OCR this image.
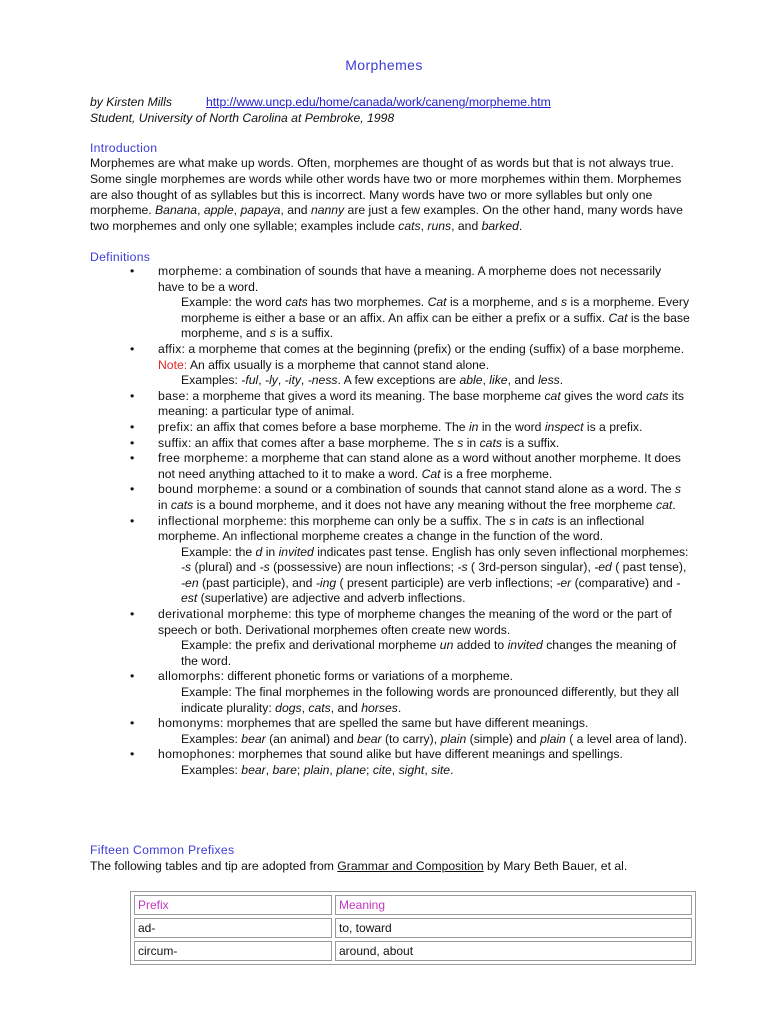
Morphemes
by Kirsten Mills	http://www.uncp.edu/home/canada/work/caneng/morpheme.htm
Student, University of North Carolina at Pembroke, 1998
Introduction
Morphemes are what make up words. Often, morphemes are thought of as words but that is not always true. Some single morphemes are words while other words have two or more morphemes within them. Morphemes are also thought of as syllables but this is incorrect. Many words have two or more syllables but only one morpheme. Banana, apple, papaya, and nanny are just a few examples. On the other hand, many words have two morphemes and only one syllable; examples include cats, runs, and barked.
Definitions
• morpheme: a combination of sounds that have a meaning. A morpheme does not necessarily have to be a word.
Example: the word cats has two morphemes. Cat is a morpheme, and s is a morpheme. Every morpheme is either a base or an affix. An affix can be either a prefix or a suffix. Cat is the base morpheme, and s is a suffix.
• affix: a morpheme that comes at the beginning (prefix) or the ending (suffix) of a base morpheme. Note: An affix usually is a morpheme that cannot stand alone.
Examples: -ful, -ly, -ity, -ness. A few exceptions are able, like, and less.
• base: a morpheme that gives a word its meaning. The base morpheme cat gives the word cats its meaning: a particular type of animal.
• prefix: an affix that comes before a base morpheme. The in in the word inspect is a prefix.
• suffix: an affix that comes after a base morpheme. The s in cats is a suffix.
• free morpheme: a morpheme that can stand alone as a word without another morpheme. It does not need anything attached to it to make a word. Cat is a free morpheme.
• bound morpheme: a sound or a combination of sounds that cannot stand alone as a word. The s in cats is a bound morpheme, and it does not have any meaning without the free morpheme cat.
• inflectional morpheme: this morpheme can only be a suffix. The s in cats is an inflectional morpheme. An inflectional morpheme creates a change in the function of the word.
Example: the d in invited indicates past tense. English has only seven inflectional morphemes: -s (plural) and -s (possessive) are noun inflections; -s ( 3rd-person singular), -ed ( past tense), -en (past participle), and -ing ( present participle) are verb inflections; -er (comparative) and -est (superlative) are adjective and adverb inflections.
• derivational morpheme: this type of morpheme changes the meaning of the word or the part of speech or both. Derivational morphemes often create new words.
Example: the prefix and derivational morpheme un added to invited changes the meaning of the word.
• allomorphs: different phonetic forms or variations of a morpheme.
Example: The final morphemes in the following words are pronounced differently, but they all indicate plurality: dogs, cats, and horses.
• homonyms: morphemes that are spelled the same but have different meanings.
Examples: bear (an animal) and bear (to carry), plain (simple) and plain ( a level area of land).
• homophones: morphemes that sound alike but have different meanings and spellings.
Examples: bear, bare; plain, plane; cite, sight, site.
Fifteen Common Prefixes
The following tables and tip are adopted from Grammar and Composition by Mary Beth Bauer, et al.
Prefix	Meaning
ad-	to, toward
circum-	around, about
